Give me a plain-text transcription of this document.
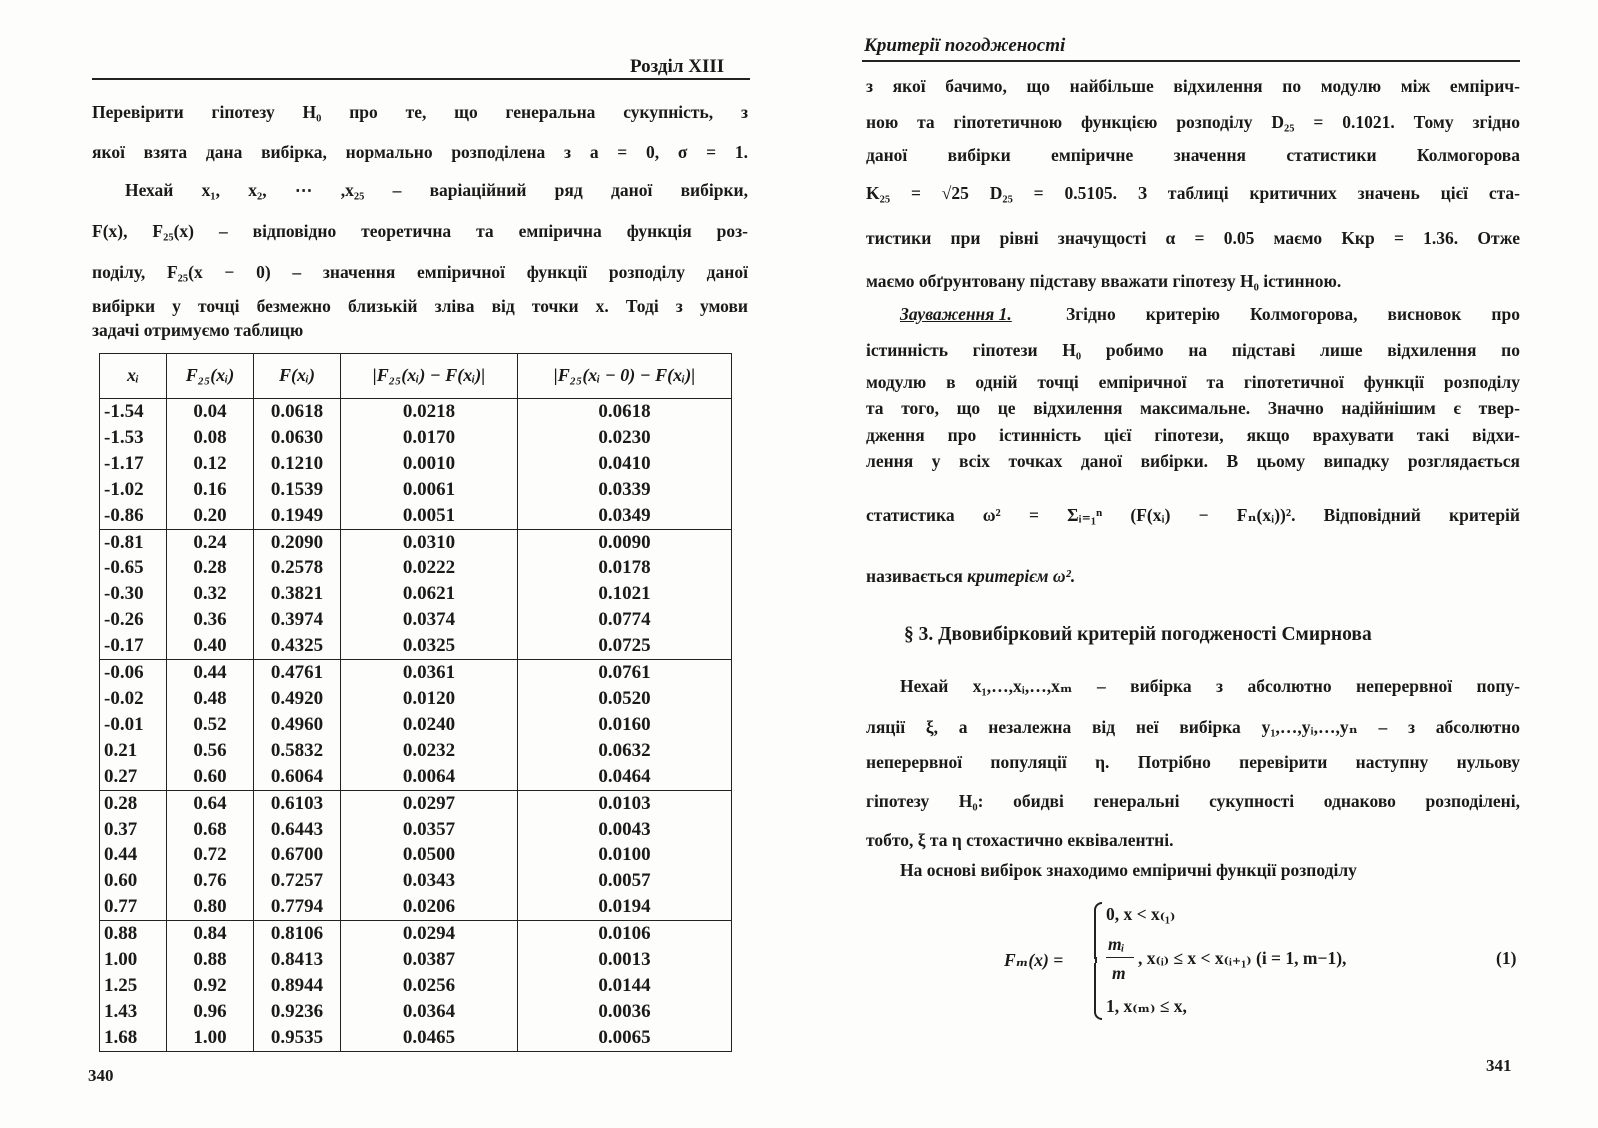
Розділ XIII
Перевірити гіпотезу H₀ про те, що генеральна сукупність, з
якої взята дана вибірка, нормально розподілена з a = 0, σ = 1.
Нехай x₁, x₂, ⋯ ,x₂₅ – варіаційний ряд даної вибірки,
F(x), F₂₅(x) – відповідно теоретична та емпірична функція роз-
поділу, F₂₅(x − 0) – значення емпіричної функції розподілу даної
вибірки у точці безмежно близькій зліва від точки x. Тоді з умови
задачі отримуємо таблицю
xᵢ	F₂₅(xᵢ)	F(xᵢ)	|F₂₅(xᵢ) − F(xᵢ)|	|F₂₅(xᵢ − 0) − F(xᵢ)|
-1.54	0.04	0.0618	0.0218	0.0618
-1.53	0.08	0.0630	0.0170	0.0230
-1.17	0.12	0.1210	0.0010	0.0410
-1.02	0.16	0.1539	0.0061	0.0339
-0.86	0.20	0.1949	0.0051	0.0349
-0.81	0.24	0.2090	0.0310	0.0090
-0.65	0.28	0.2578	0.0222	0.0178
-0.30	0.32	0.3821	0.0621	0.1021
-0.26	0.36	0.3974	0.0374	0.0774
-0.17	0.40	0.4325	0.0325	0.0725
-0.06	0.44	0.4761	0.0361	0.0761
-0.02	0.48	0.4920	0.0120	0.0520
-0.01	0.52	0.4960	0.0240	0.0160
0.21	0.56	0.5832	0.0232	0.0632
0.27	0.60	0.6064	0.0064	0.0464
0.28	0.64	0.6103	0.0297	0.0103
0.37	0.68	0.6443	0.0357	0.0043
0.44	0.72	0.6700	0.0500	0.0100
0.60	0.76	0.7257	0.0343	0.0057
0.77	0.80	0.7794	0.0206	0.0194
0.88	0.84	0.8106	0.0294	0.0106
1.00	0.88	0.8413	0.0387	0.0013
1.25	0.92	0.8944	0.0256	0.0144
1.43	0.96	0.9236	0.0364	0.0036
1.68	1.00	0.9535	0.0465	0.0065
340
Критерії погодженості
з якої бачимо, що найбільше відхилення по модулю між емпірич-
ною та гіпотетичною функцією розподілу D₂₅ = 0.1021. Тому згідно
даної вибірки емпіричне значення статистики Колмогорова
K₂₅ = √25 D₂₅ = 0.5105. З таблиці критичних значень цієї ста-
тистики при рівні значущості α = 0.05 маємо Kкр = 1.36. Отже
маємо обґрунтовану підставу вважати гіпотезу H₀ істинною.
Зауваження 1.	Згідно критерію Колмогорова, висновок про
істинність гіпотези H₀ робимо на підставі лише відхилення по
модулю в одній точці емпіричної та гіпотетичної функції розподілу
та того, що це відхилення максимальне. Значно надійнішим є твер-
дження про істинність цієї гіпотези, якщо врахувати такі відхи-
лення у всіх точках даної вибірки. В цьому випадку розглядається
статистика ω² = Σᵢ₌₁ⁿ (F(xᵢ) − Fₙ(xᵢ))². Відповідний критерій
називається критерієм ω².
§ 3. Двовибірковий критерій погодженості Смирнова
Нехай x₁,…,xᵢ,…,xₘ – вибірка з абсолютно неперервної попу-
ляції ξ, а незалежна від неї вибірка y₁,…,yᵢ,…,yₙ – з абсолютно
неперервної популяції η. Потрібно перевірити наступну нульову
гіпотезу H₀: обидві генеральні сукупності однаково розподілені,
тобто, ξ та η стохастично еквівалентні.
На основі вибірок знаходимо емпіричні функції розподілу
Fₘ(x) =
0, x < x₍₁₎
mᵢ
m
, x₍ᵢ₎ ≤ x < x₍ᵢ₊₁₎ (i = 1, m−1),
1, x₍ₘ₎ ≤ x,
(1)
341
